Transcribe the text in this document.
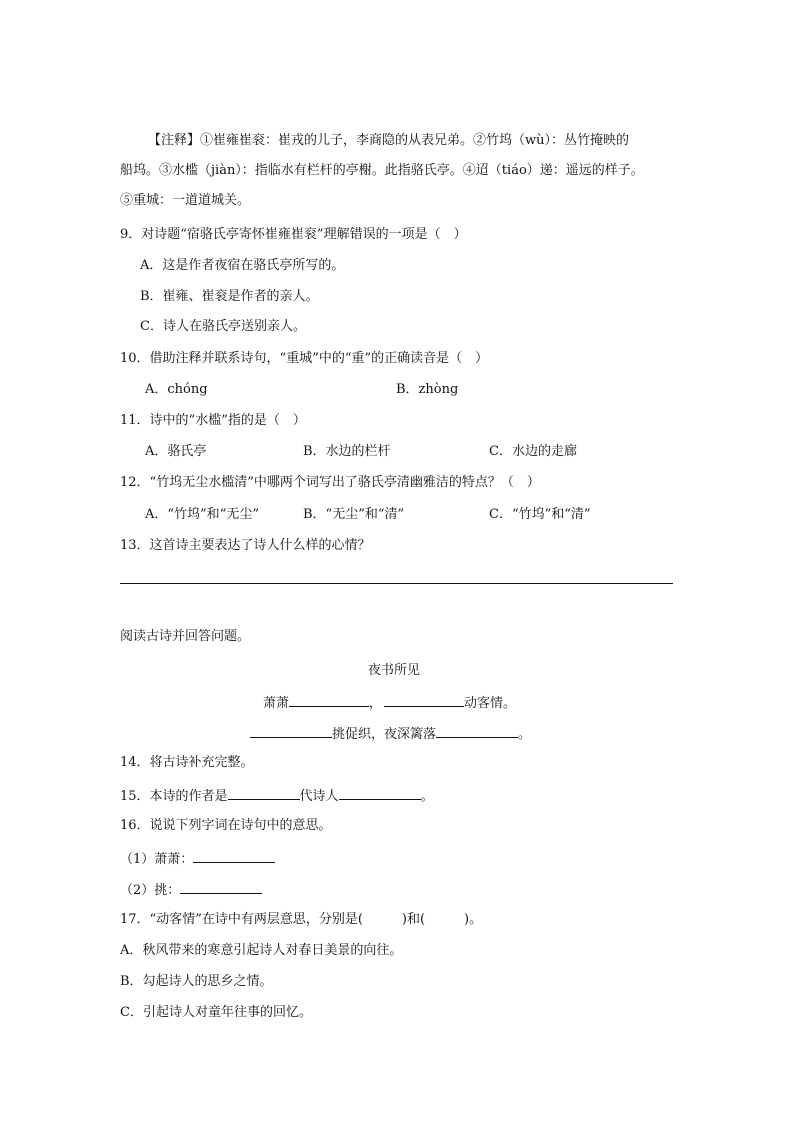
【注释】①崔雍崔衮：崔戎的儿子，李商隐的从表兄弟。②竹坞（wù）：丛竹掩映的
船坞。③水槛（jiàn）：指临水有栏杆的亭榭。此指骆氏亭。④迢（tiáo）递：遥远的样子。
⑤重城：一道道城关。
9．对诗题“宿骆氏亭寄怀崔雍崔衮”理解错误的一项是（　）
A．这是作者夜宿在骆氏亭所写的。
B．崔雍、崔衮是作者的亲人。
C．诗人在骆氏亭送别亲人。
10．借助注释并联系诗句，“重城”中的“重”的正确读音是（　）
A．chóng	B．zhòng
11．诗中的“水槛”指的是（　）
A．骆氏亭	B．水边的栏杆	C．水边的走廊
12．“竹坞无尘水槛清”中哪两个词写出了骆氏亭清幽雅洁的特点？（　）
A．“竹坞”和“无尘”	B．“无尘”和“清”	C．“竹坞”和“清”
13．这首诗主要表达了诗人什么样的心情？
阅读古诗并回答问题。
夜书所见
萧萧	，	动客情。
挑促织，夜深篱落	。
14．将古诗补充完整。
15．本诗的作者是	代诗人	。
16．说说下列字词在诗句中的意思。
（1）萧萧：
（2）挑：
17．“动客情”在诗中有两层意思，分别是(　　　)和(　　　)。
A．秋风带来的寒意引起诗人对春日美景的向往。
B．勾起诗人的思乡之情。
C．引起诗人对童年往事的回忆。
